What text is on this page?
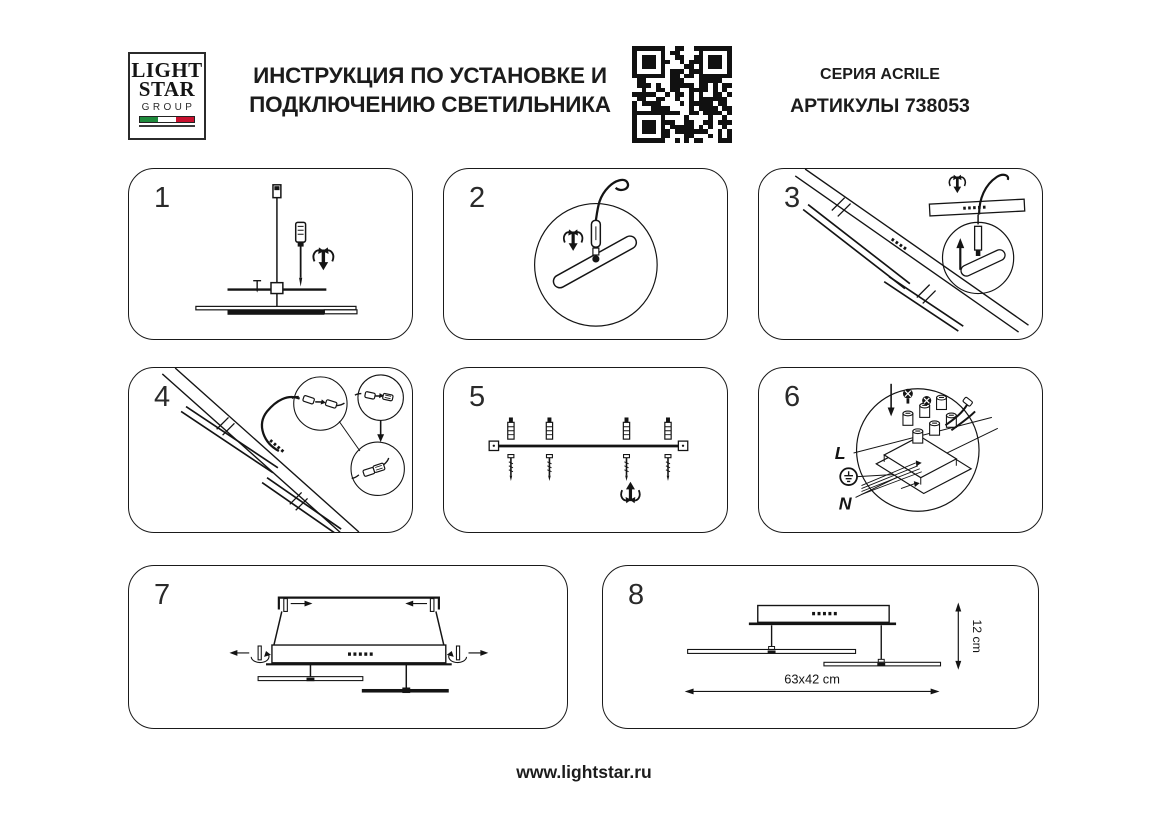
LIGHT
STAR
GROUP
ИНСТРУКЦИЯ ПО УСТАНОВКЕ И
ПОДКЛЮЧЕНИЮ СВЕТИЛЬНИКА
СЕРИЯ ACRILE
АРТИКУЛЫ 738053
1	2	3
4	5	6
L
N
7	8
12 cm
63x42 cm
www.lightstar.ru
